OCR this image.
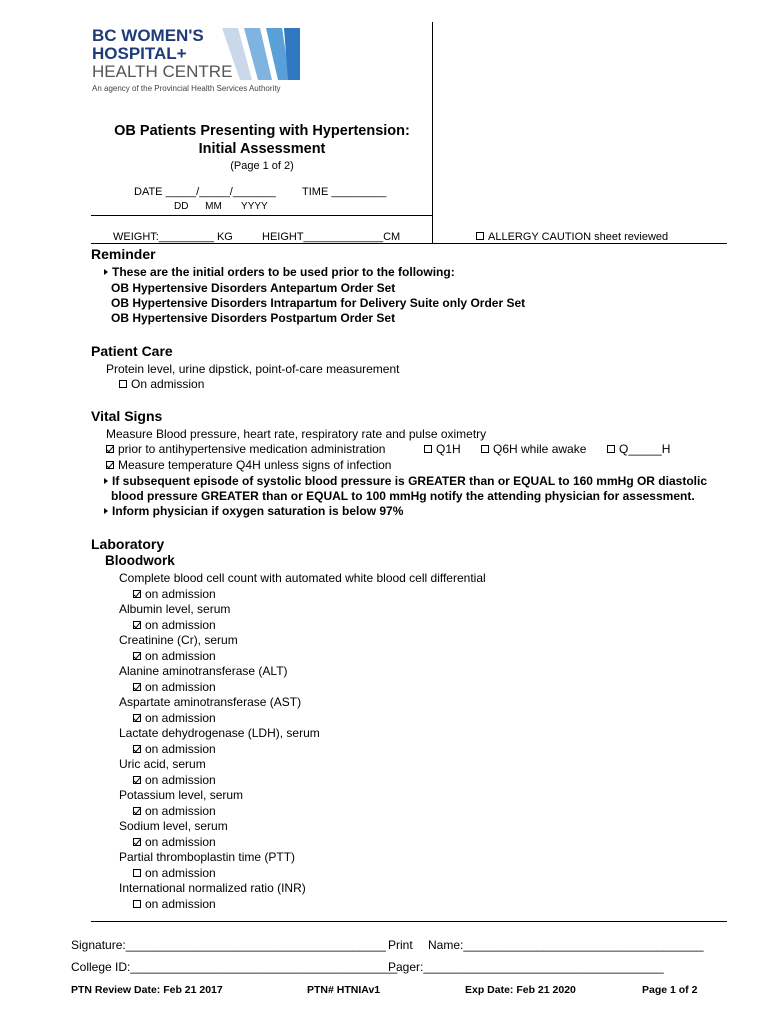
BC WOMEN'S
HOSPITAL+
HEALTH CENTRE
An agency of the Provincial Health Services Authority
OB Patients Presenting with Hypertension:
Initial Assessment
(Page 1 of 2)
DATE _____/_____/_______ TIME _________
DD      MM       YYYY
WEIGHT:_________ KG	HEIGHT_____________CM	ALLERGY CAUTION sheet reviewed
Reminder
These are the initial orders to be used prior to the following:
OB Hypertensive Disorders Antepartum Order Set
OB Hypertensive Disorders Intrapartum for Delivery Suite only Order Set
OB Hypertensive Disorders Postpartum Order Set
Patient Care
Protein level, urine dipstick, point-of-care measurement
On admission
Vital Signs
Measure Blood pressure, heart rate, respiratory rate and pulse oximetry
prior to antihypertensive medication administration	Q1H	Q6H while awake	Q_____H
Measure temperature Q4H unless signs of infection
If subsequent episode of systolic blood pressure is GREATER than or EQUAL to 160 mmHg OR diastolic
blood pressure GREATER than or EQUAL to 100 mmHg notify the attending physician for assessment.
Inform physician if oxygen saturation is below 97%
Laboratory
Bloodwork
Complete blood cell count with automated white blood cell differential
on admission
Albumin level, serum
on admission
Creatinine (Cr), serum
on admission
Alanine aminotransferase (ALT)
on admission
Aspartate aminotransferase (AST)
on admission
Lactate dehydrogenase (LDH), serum
on admission
Uric acid, serum
on admission
Potassium level, serum
on admission
Sodium level, serum
on admission
Partial thromboplastin time (PTT)
on admission
International normalized ratio (INR)
on admission
Signature:_______________________________________ Print Name:____________________________________
College ID:________________________________________
Pager:____________________________________
PTN Review Date: Feb 21 2017	PTN# HTNIAv1	Exp Date: Feb 21 2020	Page 1 of 2
